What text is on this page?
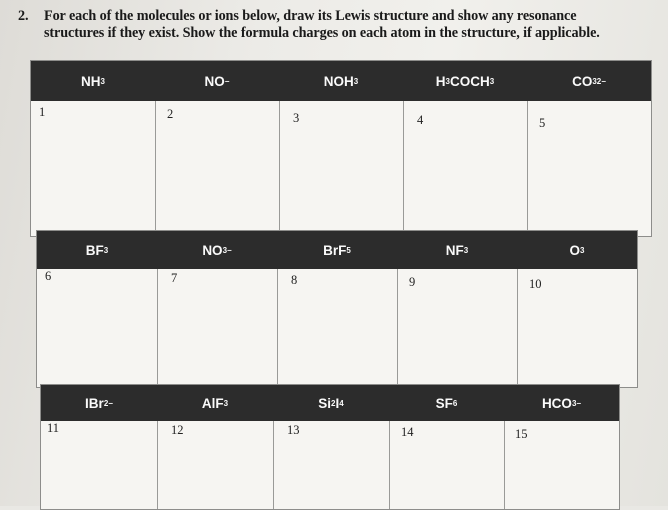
2. For each of the molecules or ions below, draw its Lewis structure and show any resonance
structures if they exist. Show the formula charges on each atom in the structure, if applicable.
NH 3	NO −	NOH 3	H 3 COCH 3	CO 3 2−
1	2	3	4	5
BF 3	NO 3 −	BrF 5	NF 3	O 3
6	7	8	9	10
IBr 2 −	AlF 3	Si 2 I 4	SF 6	HCO 3 −
11	12	13	14	15
